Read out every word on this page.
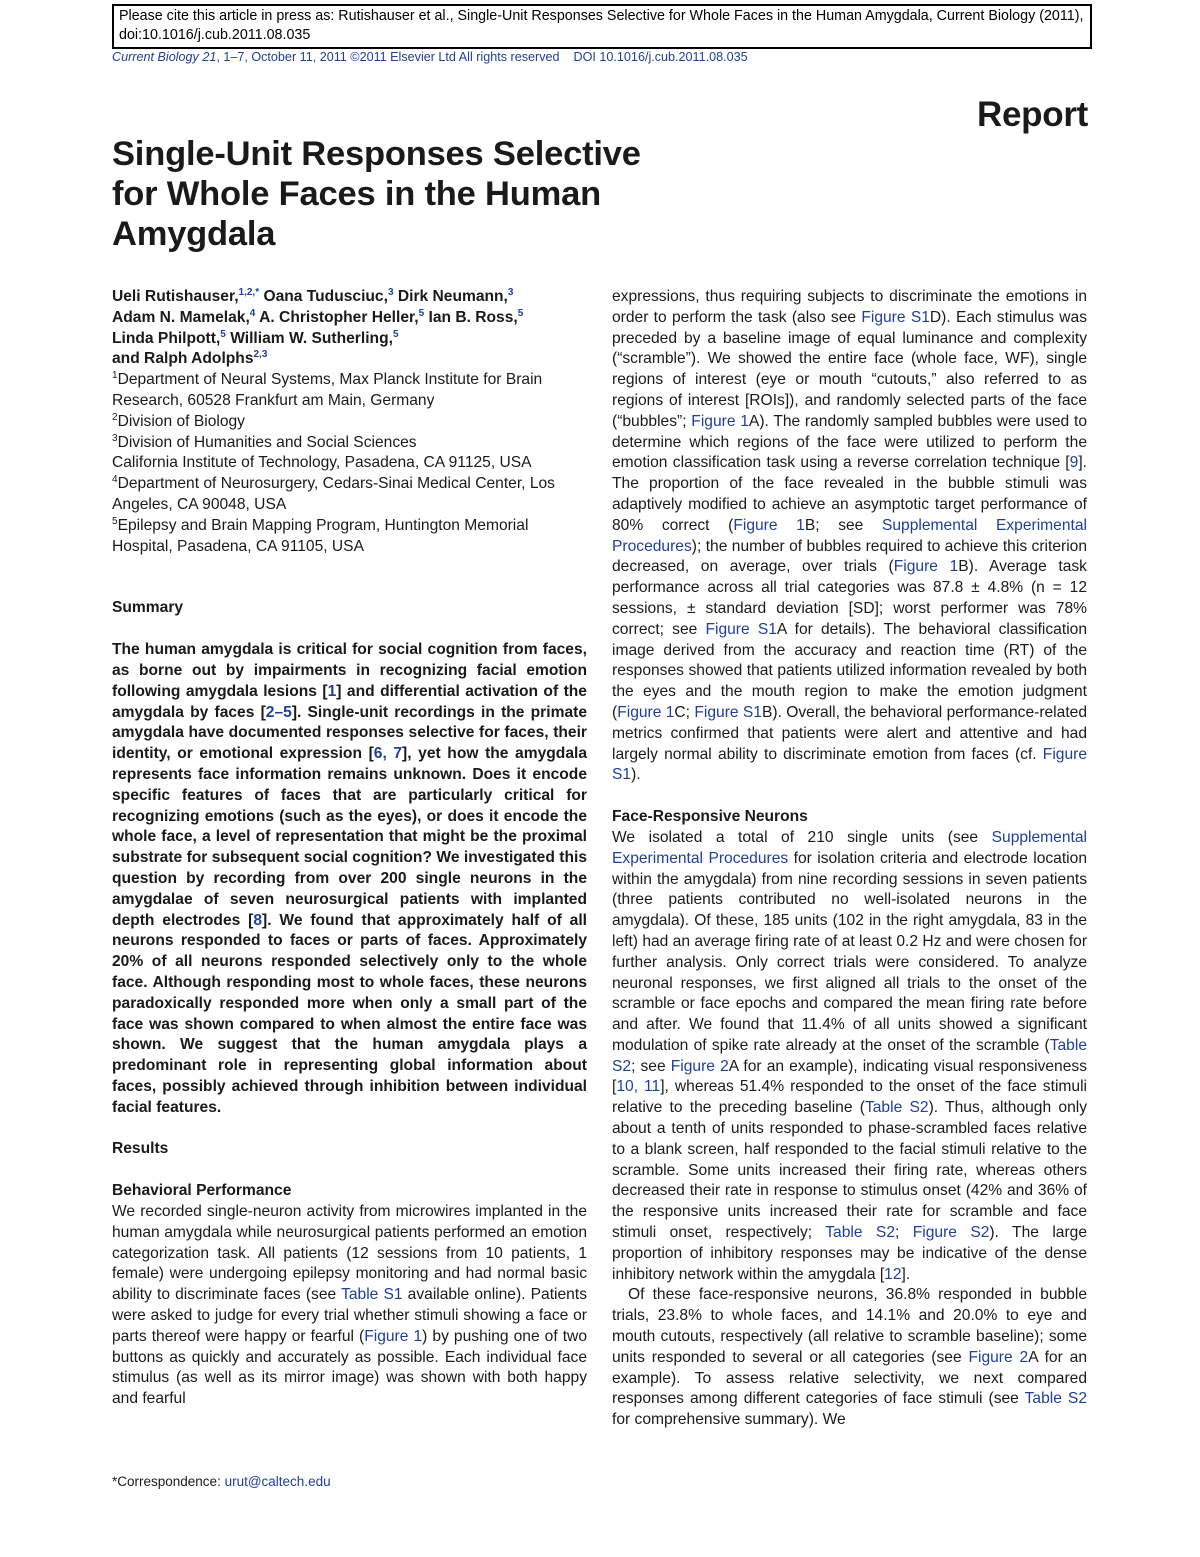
Please cite this article in press as: Rutishauser et al., Single-Unit Responses Selective for Whole Faces in the Human Amygdala, Current Biology (2011), doi:10.1016/j.cub.2011.08.035
Current Biology 21, 1–7, October 11, 2011 ©2011 Elsevier Ltd All rights reserved DOI 10.1016/j.cub.2011.08.035
Report
Single-Unit Responses Selective for Whole Faces in the Human Amygdala
Ueli Rutishauser,$^{1,2,*}$ Oana Tudusciuc,$^3$ Dirk Neumann,$^3$
Adam N. Mamelak,$^4$ A. Christopher Heller,$^5$ Ian B. Ross,$^5$
Linda Philpott,$^5$ William W. Sutherling,$^5$
and Ralph Adolphs$^{2,3}$
$^1$Department of Neural Systems, Max Planck Institute for Brain Research, 60528 Frankfurt am Main, Germany
$^2$Division of Biology
$^3$Division of Humanities and Social Sciences
California Institute of Technology, Pasadena, CA 91125, USA
$^4$Department of Neurosurgery, Cedars-Sinai Medical Center, Los Angeles, CA 90048, USA
$^5$Epilepsy and Brain Mapping Program, Huntington Memorial Hospital, Pasadena, CA 91105, USA
Summary

The human amygdala is critical for social cognition from faces, as borne out by impairments in recognizing facial emotion following amygdala lesions [1] and differential activation of the amygdala by faces [2–5]. Single-unit recordings in the primate amygdala have documented responses selective for faces, their identity, or emotional expression [6, 7], yet how the amygdala represents face information remains unknown. Does it encode specific features of faces that are particularly critical for recognizing emotions (such as the eyes), or does it encode the whole face, a level of representation that might be the proximal substrate for subsequent social cognition? We investigated this question by recording from over 200 single neurons in the amygdalae of seven neurosurgical patients with implanted depth electrodes [8]. We found that approximately half of all neurons responded to faces or parts of faces. Approximately 20% of all neurons responded selectively only to the whole face. Although responding most to whole faces, these neurons paradoxically responded more when only a small part of the face was shown compared to when almost the entire face was shown. We suggest that the human amygdala plays a predominant role in representing global information about faces, possibly achieved through inhibition between individual facial features.

Results
Behavioral Performance

We recorded single-neuron activity from microwires implanted in the human amygdala while neurosurgical patients performed an emotion categorization task. All patients (12 sessions from 10 patients, 1 female) were undergoing epilepsy monitoring and had normal basic ability to discriminate faces (see Table S1 available online). Patients were asked to judge for every trial whether stimuli showing a face or parts thereof were happy or fearful (Figure 1) by pushing one of two buttons as quickly and accurately as possible. Each individual face stimulus (as well as its mirror image) was shown with both happy and fearful

expressions, thus requiring subjects to discriminate the emotions in order to perform the task (also see Figure S1D). Each stimulus was preceded by a baseline image of equal luminance and complexity (“scramble”). We showed the entire face (whole face, WF), single regions of interest (eye or mouth “cutouts,” also referred to as regions of interest [ROIs]), and randomly selected parts of the face (“bubbles”; Figure 1A). The randomly sampled bubbles were used to determine which regions of the face were utilized to perform the emotion classification task using a reverse correlation technique [9]. The proportion of the face revealed in the bubble stimuli was adaptively modified to achieve an asymptotic target performance of 80% correct (Figure 1B; see Supplemental Experimental Procedures); the number of bubbles required to achieve this criterion decreased, on average, over trials (Figure 1B). Average task performance across all trial categories was 87.8 ± 4.8% (n = 12 sessions, ± standard deviation [SD]; worst performer was 78% correct; see Figure S1A for details). The behavioral classification image derived from the accuracy and reaction time (RT) of the responses showed that patients utilized information revealed by both the eyes and the mouth region to make the emotion judgment (Figure 1C; Figure S1B). Overall, the behavioral performance-related metrics confirmed that patients were alert and attentive and had largely normal ability to discriminate emotion from faces (cf. Figure S1).

Face-Responsive Neurons

We isolated a total of 210 single units (see Supplemental Experimental Procedures for isolation criteria and electrode location within the amygdala) from nine recording sessions in seven patients (three patients contributed no well-isolated neurons in the amygdala). Of these, 185 units (102 in the right amygdala, 83 in the left) had an average firing rate of at least 0.2 Hz and were chosen for further analysis. Only correct trials were considered. To analyze neuronal responses, we first aligned all trials to the onset of the scramble or face epochs and compared the mean firing rate before and after. We found that 11.4% of all units showed a significant modulation of spike rate already at the onset of the scramble (Table S2; see Figure 2A for an example), indicating visual responsiveness [10, 11], whereas 51.4% responded to the onset of the face stimuli relative to the preceding baseline (Table S2). Thus, although only about a tenth of units responded to phase-scrambled faces relative to a blank screen, half responded to the facial stimuli relative to the scramble. Some units increased their firing rate, whereas others decreased their rate in response to stimulus onset (42% and 36% of the responsive units increased their rate for scramble and face stimuli onset, respectively; Table S2; Figure S2). The large proportion of inhibitory responses may be indicative of the dense inhibitory network within the amygdala [12].

Of these face-responsive neurons, 36.8% responded in bubble trials, 23.8% to whole faces, and 14.1% and 20.0% to eye and mouth cutouts, respectively (all relative to scramble baseline); some units responded to several or all categories (see Figure 2A for an example). To assess relative selectivity, we next compared responses among different categories of face stimuli (see Table S2 for comprehensive summary). We

*Correspondence: urut@caltech.edu
